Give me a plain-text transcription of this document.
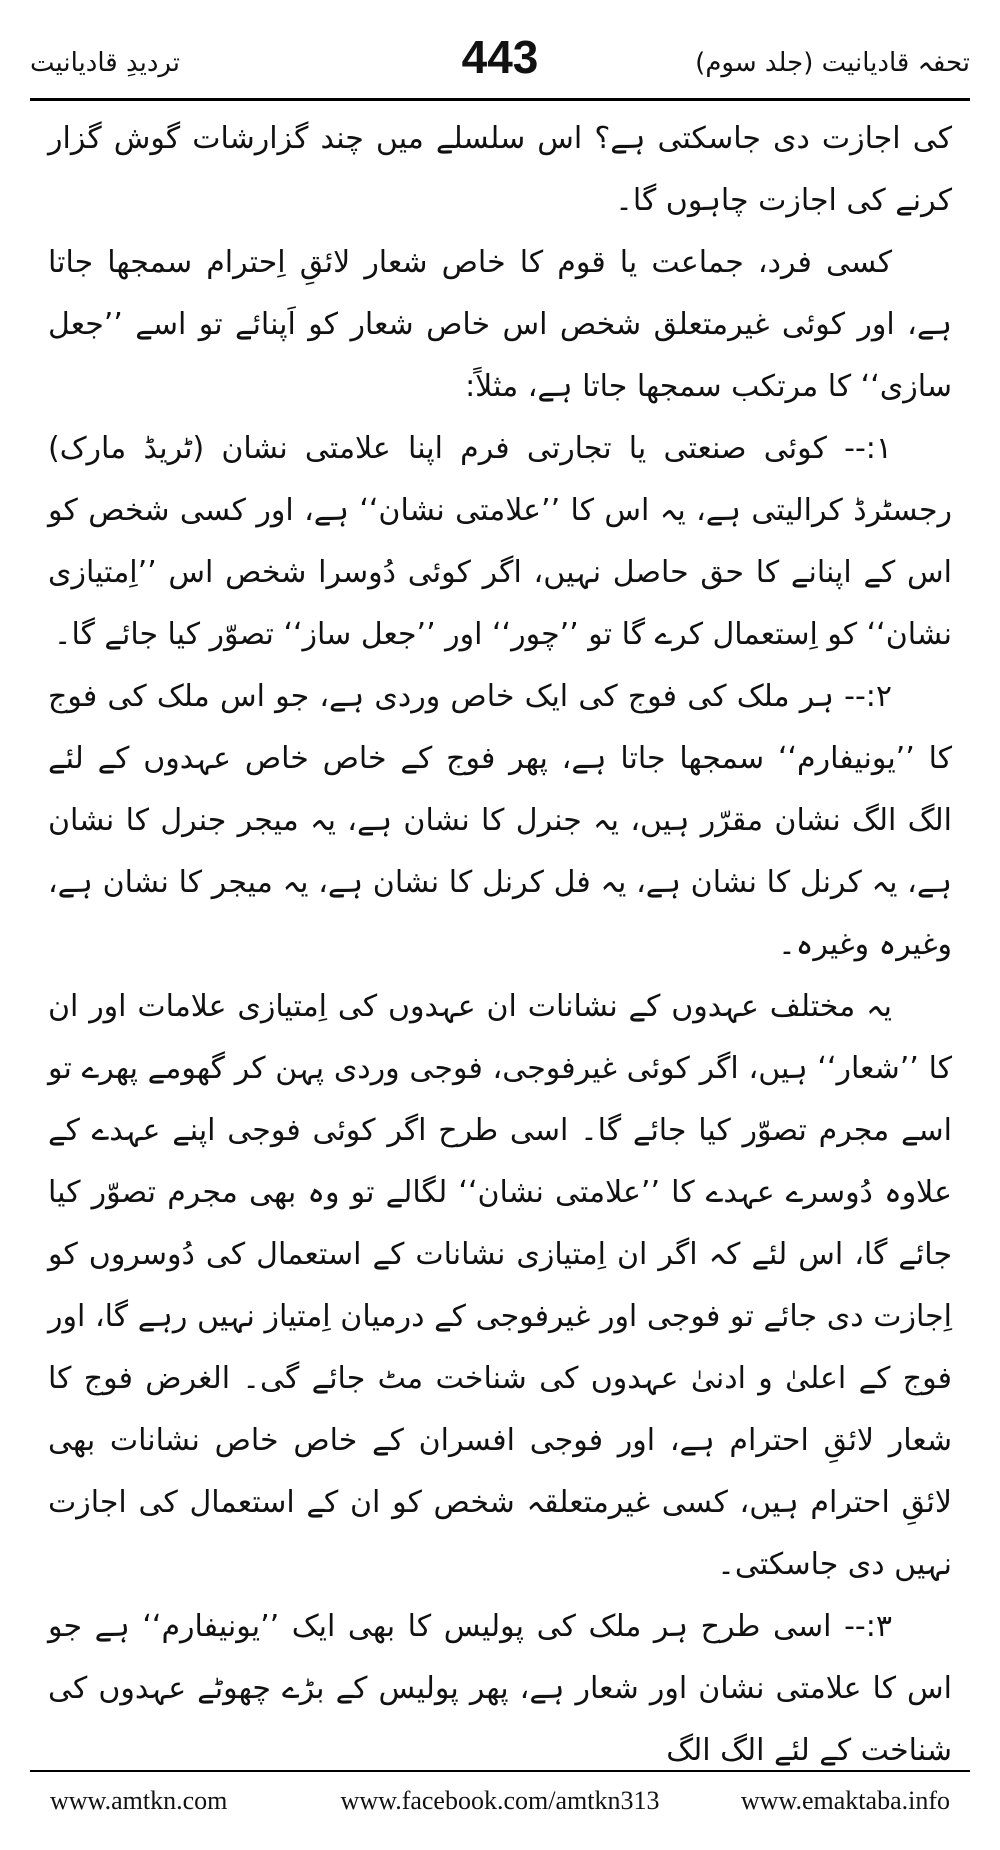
تردیدِ قادیانیت	443	تحفہ قادیانیت (جلد سوم)

کی اجازت دی جاسکتی ہے؟ اس سلسلے میں چند گزارشات گوش گزار کرنے کی اجازت چاہوں گا۔

کسی فرد، جماعت یا قوم کا خاص شعار لائقِ اِحترام سمجھا جاتا ہے، اور کوئی غیرمتعلق شخص اس خاص شعار کو اَپنائے تو اسے ’’جعل سازی‘‘ کا مرتکب سمجھا جاتا ہے، مثلاً:

۱:-- کوئی صنعتی یا تجارتی فرم اپنا علامتی نشان (ٹریڈ مارک) رجسٹرڈ کرالیتی ہے، یہ اس کا ’’علامتی نشان‘‘ ہے، اور کسی شخص کو اس کے اپنانے کا حق حاصل نہیں، اگر کوئی دُوسرا شخص اس ’’اِمتیازی نشان‘‘ کو اِستعمال کرے گا تو ’’چور‘‘ اور ’’جعل ساز‘‘ تصوّر کیا جائے گا۔

۲:-- ہر ملک کی فوج کی ایک خاص وردی ہے، جو اس ملک کی فوج کا ’’یونیفارم‘‘ سمجھا جاتا ہے، پھر فوج کے خاص خاص عہدوں کے لئے الگ الگ نشان مقرّر ہیں، یہ جنرل کا نشان ہے، یہ میجر جنرل کا نشان ہے، یہ کرنل کا نشان ہے، یہ فل کرنل کا نشان ہے، یہ میجر کا نشان ہے، وغیرہ وغیرہ۔

یہ مختلف عہدوں کے نشانات ان عہدوں کی اِمتیازی علامات اور ان کا ’’شعار‘‘ ہیں، اگر کوئی غیرفوجی، فوجی وردی پہن کر گھومے پھرے تو اسے مجرم تصوّر کیا جائے گا۔ اسی طرح اگر کوئی فوجی اپنے عہدے کے علاوہ دُوسرے عہدے کا ’’علامتی نشان‘‘ لگالے تو وہ بھی مجرم تصوّر کیا جائے گا، اس لئے کہ اگر ان اِمتیازی نشانات کے استعمال کی دُوسروں کو اِجازت دی جائے تو فوجی اور غیرفوجی کے درمیان اِمتیاز نہیں رہے گا، اور فوج کے اعلیٰ و ادنیٰ عہدوں کی شناخت مٹ جائے گی۔ الغرض فوج کا شعار لائقِ احترام ہے، اور فوجی افسران کے خاص خاص نشانات بھی لائقِ احترام ہیں، کسی غیرمتعلقہ شخص کو ان کے استعمال کی اجازت نہیں دی جاسکتی۔

۳:-- اسی طرح ہر ملک کی پولیس کا بھی ایک ’’یونیفارم‘‘ ہے جو اس کا علامتی نشان اور شعار ہے، پھر پولیس کے بڑے چھوٹے عہدوں کی شناخت کے لئے الگ الگ

www.amtkn.com	www.facebook.com/amtkn313	www.emaktaba.info
